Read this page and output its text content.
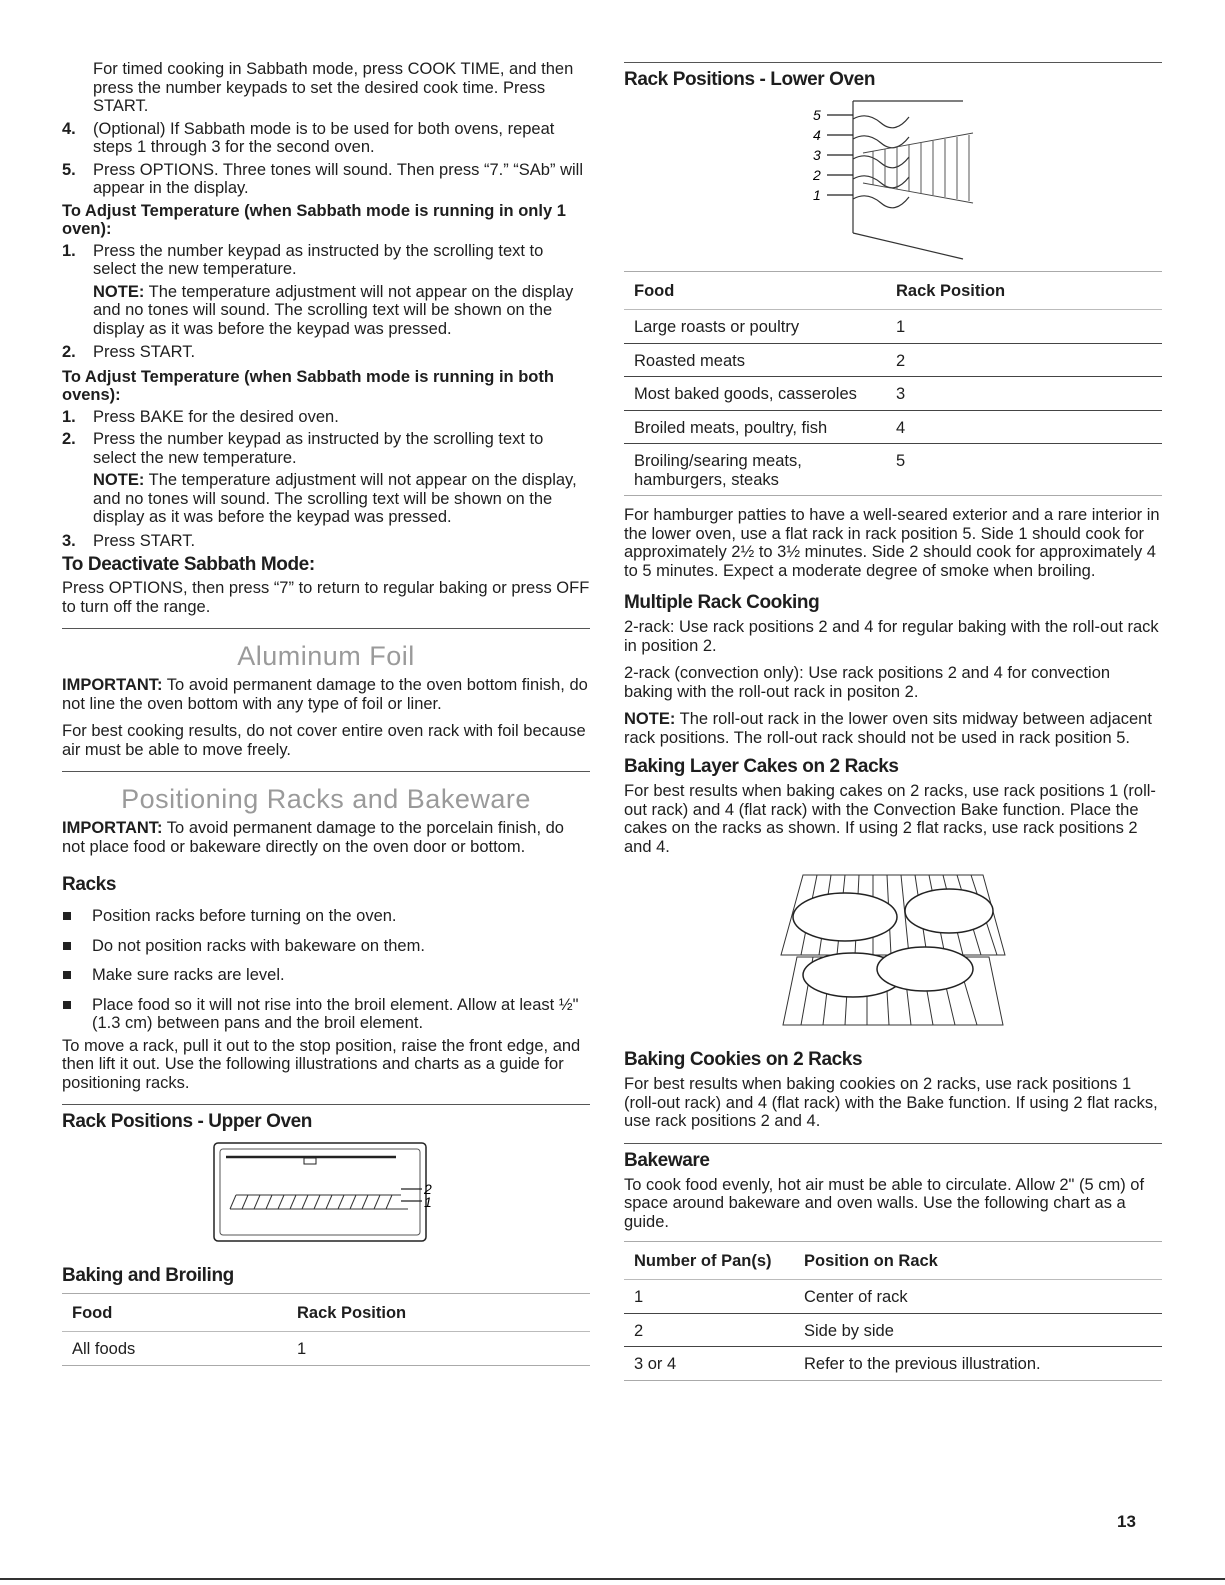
For timed cooking in Sabbath mode, press COOK TIME, and then press the number keypads to set the desired cook time. Press START.

4.	(Optional) If Sabbath mode is to be used for both ovens, repeat steps 1 through 3 for the second oven.
5.	Press OPTIONS. Three tones will sound. Then press “7.” “SAb” will appear in the display.

To Adjust Temperature (when Sabbath mode is running in only 1 oven):

1.	Press the number keypad as instructed by the scrolling text to select the new temperature.

NOTE: The temperature adjustment will not appear on the display and no tones will sound. The scrolling text will be shown on the display as it was before the keypad was pressed.

2.	Press START.

To Adjust Temperature (when Sabbath mode is running in both ovens):

1.	Press BAKE for the desired oven.
2.	Press the number keypad as instructed by the scrolling text to select the new temperature.

NOTE: The temperature adjustment will not appear on the display, and no tones will sound. The scrolling text will be shown on the display as it was before the keypad was pressed.

3.	Press START.
To Deactivate Sabbath Mode:

Press OPTIONS, then press “7” to return to regular baking or press OFF to turn off the range.

Aluminum Foil

IMPORTANT: To avoid permanent damage to the oven bottom finish, do not line the oven bottom with any type of foil or liner.

For best cooking results, do not cover entire oven rack with foil because air must be able to move freely.

Positioning Racks and Bakeware

IMPORTANT: To avoid permanent damage to the porcelain finish, do not place food or bakeware directly on the oven door or bottom.

Racks
Position racks before turning on the oven.
Do not position racks with bakeware on them.
Make sure racks are level.
Place food so it will not rise into the broil element. Allow at least ½" (1.3 cm) between pans and the broil element.

To move a rack, pull it out to the stop position, raise the front edge, and then lift it out. Use the following illustrations and charts as a guide for positioning racks.

Rack Positions - Upper Oven
2
1
Baking and Broiling
Food	Rack Position
All foods	1
Rack Positions - Lower Oven
5
4
3
2
1
Food	Rack Position
Large roasts or poultry	1
Roasted meats	2
Most baked goods, casseroles	3
Broiled meats, poultry, fish	4
Broiling/searing meats, hamburgers, steaks	5

For hamburger patties to have a well-seared exterior and a rare interior in the lower oven, use a flat rack in rack position 5. Side 1 should cook for approximately 2½ to 3½ minutes. Side 2 should cook for approximately 4 to 5 minutes. Expect a moderate degree of smoke when broiling.

Multiple Rack Cooking

2-rack: Use rack positions 2 and 4 for regular baking with the roll-out rack in position 2.

2-rack (convection only): Use rack positions 2 and 4 for convection baking with the roll-out rack in positon 2.

NOTE: The roll-out rack in the lower oven sits midway between adjacent rack positions. The roll-out rack should not be used in rack position 5.

Baking Layer Cakes on 2 Racks

For best results when baking cakes on 2 racks, use rack positions 1 (roll-out rack) and 4 (flat rack) with the Convection Bake function. Place the cakes on the racks as shown. If using 2 flat racks, use rack positions 2 and 4.

Baking Cookies on 2 Racks

For best results when baking cookies on 2 racks, use rack positions 1 (roll-out rack) and 4 (flat rack) with the Bake function. If using 2 flat racks, use rack positions 2 and 4.

Bakeware

To cook food evenly, hot air must be able to circulate. Allow 2" (5 cm) of space around bakeware and oven walls. Use the following chart as a guide.

Number of Pan(s)	Position on Rack
1	Center of rack
2	Side by side
3 or 4	Refer to the previous illustration.
13
